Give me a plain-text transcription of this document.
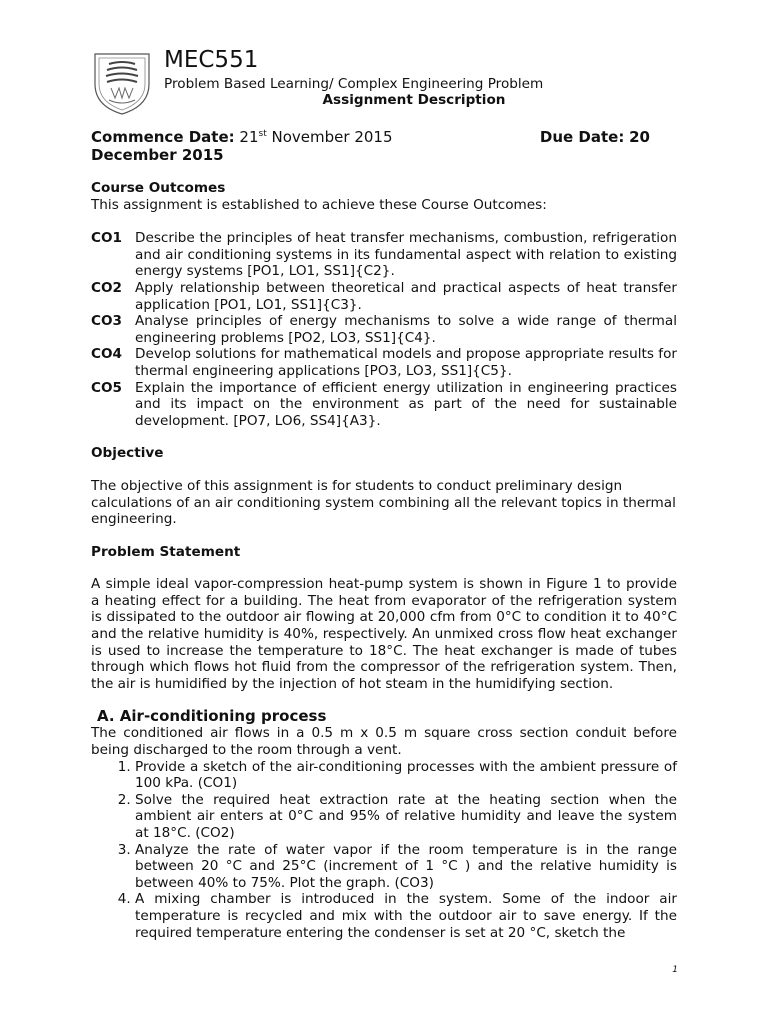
MEC551
Problem Based Learning/ Complex Engineering Problem
Assignment Description
Commence Date: 21st November 2015	Due Date: 20
December 2015
Course Outcomes

This assignment is established to achieve these Course Outcomes:

CO1 Describe the principles of heat transfer mechanisms, combustion, refrigeration and air conditioning systems in its fundamental aspect with relation to existing energy systems [PO1, LO1, SS1]{C2}.
CO2 Apply relationship between theoretical and practical aspects of heat transfer application [PO1, LO1, SS1]{C3}.
CO3 Analyse principles of energy mechanisms to solve a wide range of thermal engineering problems [PO2, LO3, SS1]{C4}.
CO4 Develop solutions for mathematical models and propose appropriate results for thermal engineering applications [PO3, LO3, SS1]{C5}.
CO5 Explain the importance of efficient energy utilization in engineering practices and its impact on the environment as part of the need for sustainable development. [PO7, LO6, SS4]{A3}.
Objective

The objective of this assignment is for students to conduct preliminary design calculations of an air conditioning system combining all the relevant topics in thermal engineering.

Problem Statement

A simple ideal vapor-compression heat-pump system is shown in Figure 1 to provide a heating effect for a building. The heat from evaporator of the refrigeration system is dissipated to the outdoor air flowing at 20,000 cfm from 0°C to condition it to 40°C and the relative humidity is 40%, respectively. An unmixed cross flow heat exchanger is used to increase the temperature to 18°C. The heat exchanger is made of tubes through which flows hot fluid from the compressor of the refrigeration system. Then, the air is humidified by the injection of hot steam in the humidifying section.

A. Air-conditioning process

The conditioned air flows in a 0.5 m x 0.5 m square cross section conduit before being discharged to the room through a vent.

1. Provide a sketch of the air-conditioning processes with the ambient pressure of 100 kPa. (CO1)
2. Solve the required heat extraction rate at the heating section when the ambient air enters at 0°C and 95% of relative humidity and leave the system at 18°C. (CO2)
3. Analyze the rate of water vapor if the room temperature is in the range between 20 °C and 25°C (increment of 1 °C ) and the relative humidity is between 40% to 75%. Plot the graph. (CO3)
4. A mixing chamber is introduced in the system. Some of the indoor air temperature is recycled and mix with the outdoor air to save energy. If the required temperature entering the condenser is set at 20 °C, sketch the
1
